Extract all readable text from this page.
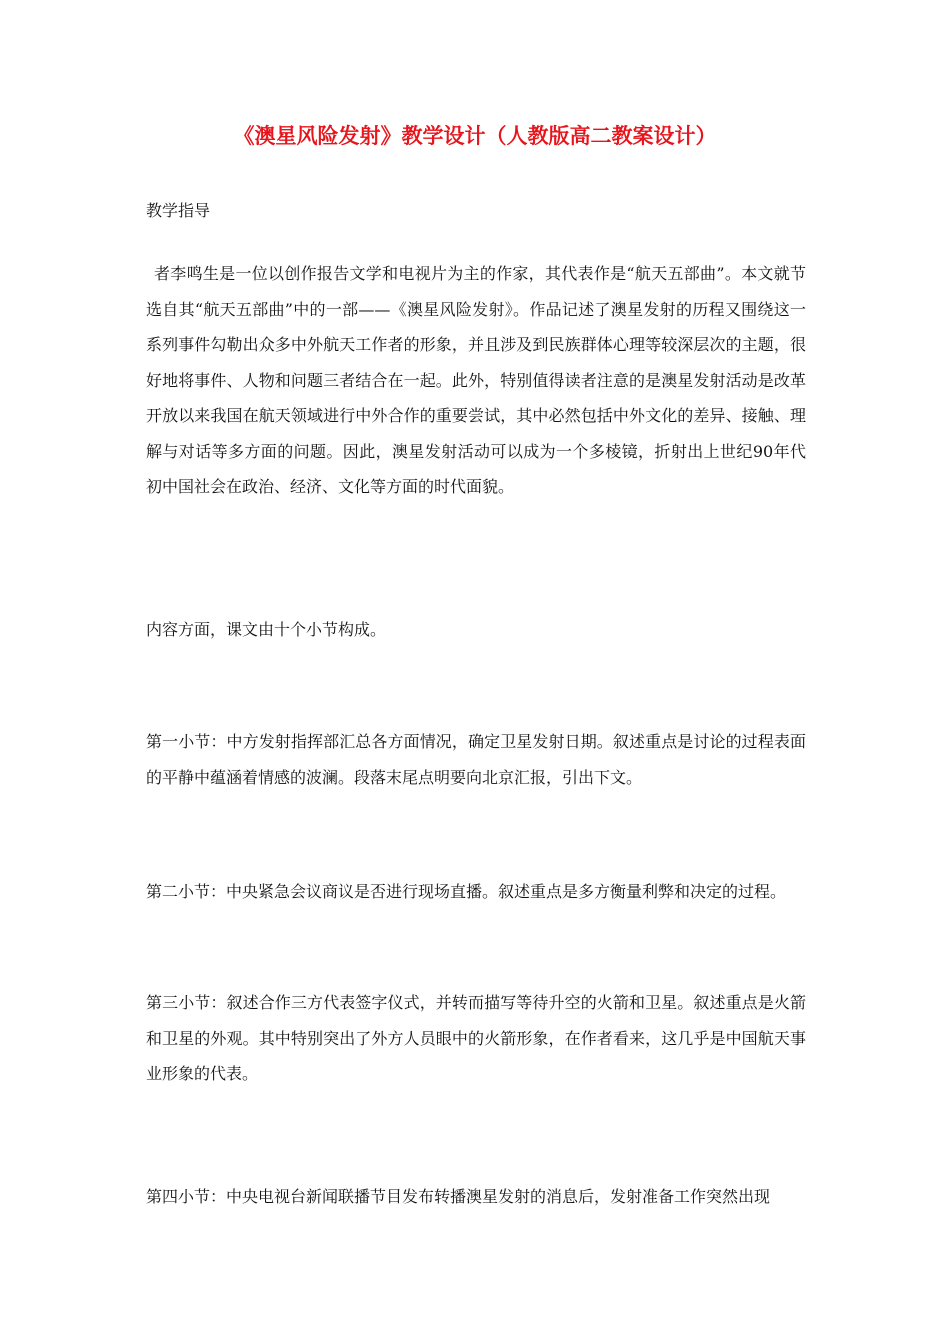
《澳星风险发射》教学设计（人教版高二教案设计）
教学指导

者李鸣生是一位以创作报告文学和电视片为主的作家，其代表作是“航天五部曲”。本文就节选自其“航天五部曲”中的一部——《澳星风险发射》。作品记述了澳星发射的历程又围绕这一系列事件勾勒出众多中外航天工作者的形象，并且涉及到民族群体心理等较深层次的主题，很好地将事件、人物和问题三者结合在一起。此外，特别值得读者注意的是澳星发射活动是改革开放以来我国在航天领域进行中外合作的重要尝试，其中必然包括中外文化的差异、接触、理解与对话等多方面的问题。因此，澳星发射活动可以成为一个多棱镜，折射出上世纪90年代初中国社会在政治、经济、文化等方面的时代面貌。

内容方面，课文由十个小节构成。

第一小节：中方发射指挥部汇总各方面情况，确定卫星发射日期。叙述重点是讨论的过程表面的平静中蕴涵着情感的波澜。段落末尾点明要向北京汇报，引出下文。

第二小节：中央紧急会议商议是否进行现场直播。叙述重点是多方衡量利弊和决定的过程。

第三小节：叙述合作三方代表签字仪式，并转而描写等待升空的火箭和卫星。叙述重点是火箭和卫星的外观。其中特别突出了外方人员眼中的火箭形象，在作者看来，这几乎是中国航天事业形象的代表。

第四小节：中央电视台新闻联播节目发布转播澳星发射的消息后，发射准备工作突然出现
